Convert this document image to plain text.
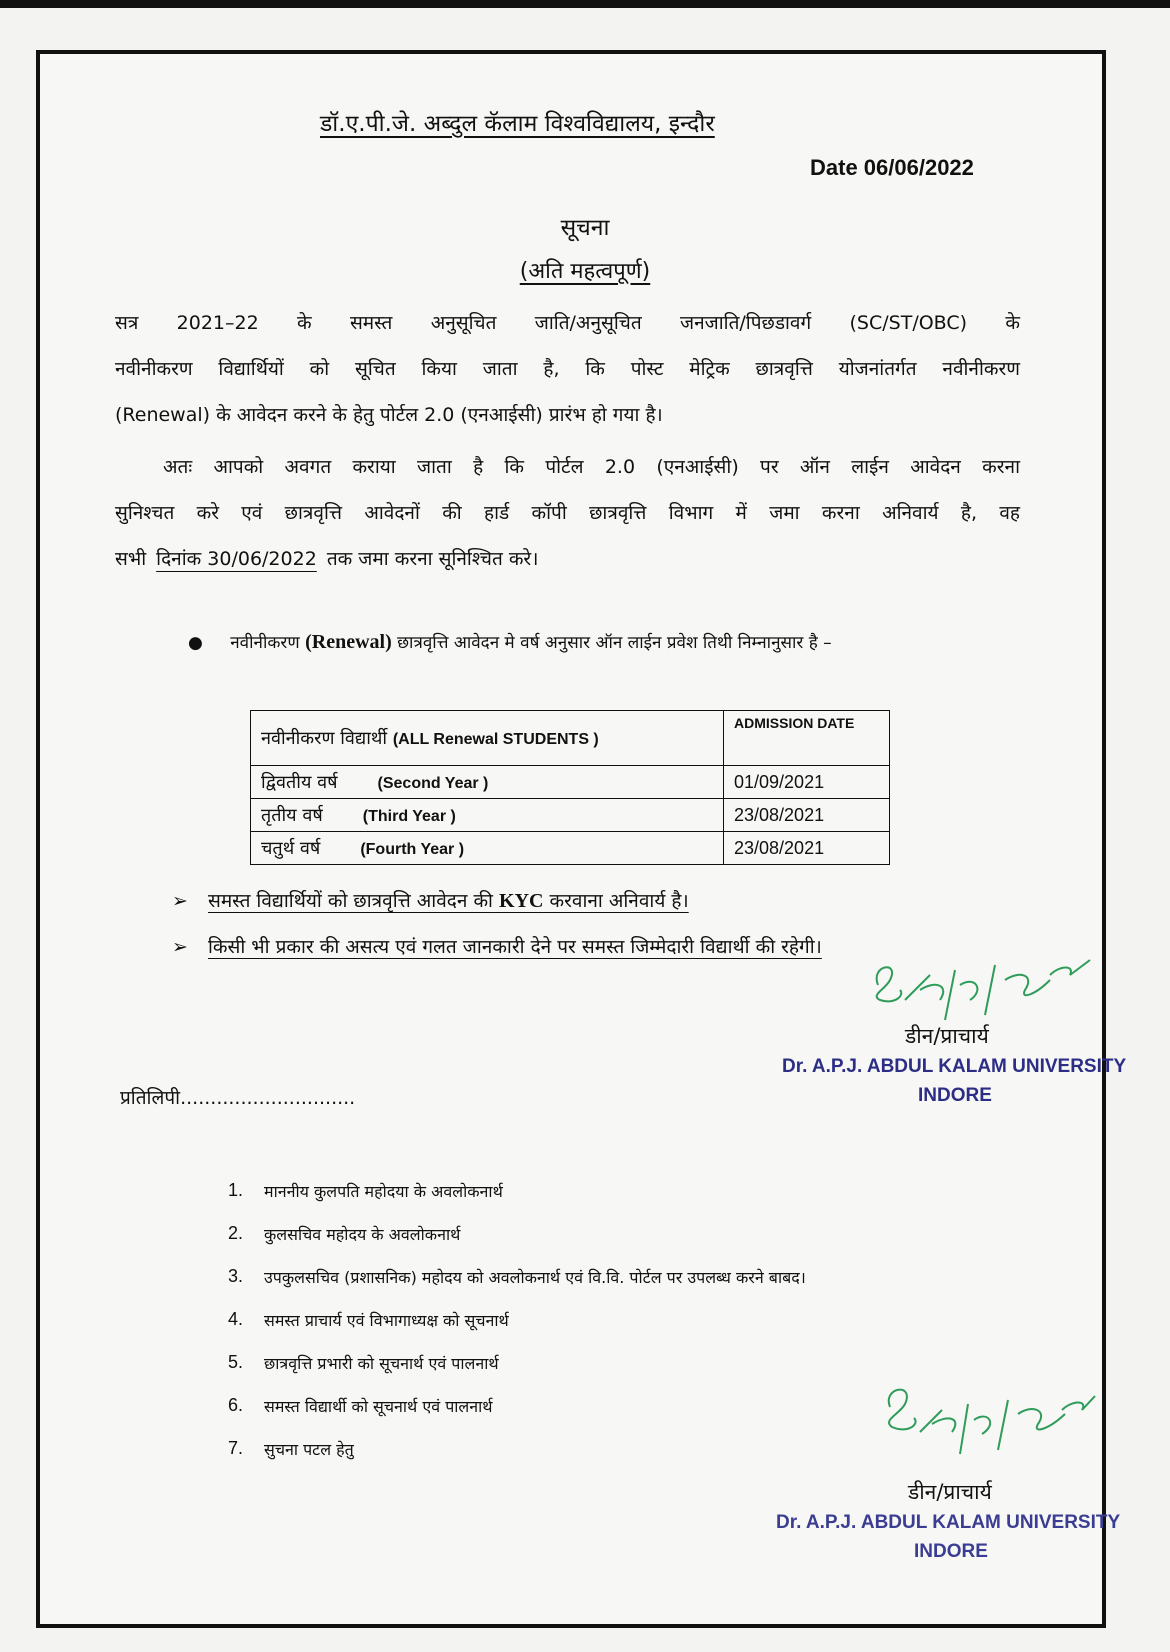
डॉ.ए.पी.जे. अब्दुल कॅलाम विश्वविद्यालय, इन्दौर
Date 06/06/2022
सूचना
(अति महत्वपूर्ण)
सत्र 2021–22 के समस्त अनुसूचित जाति/अनुसूचित जनजाति/पिछडावर्ग (SC/ST/OBC) के
नवीनीकरण विद्यार्थियों को सूचित किया जाता है, कि पोस्ट मेट्रिक छात्रवृत्ति योजनांतर्गत नवीनीकरण
(Renewal) के आवेदन करने के हेतु पोर्टल 2.0 (एनआईसी) प्रारंभ हो गया है।
अतः आपको अवगत कराया जाता है कि पोर्टल 2.0 (एनआईसी) पर ऑन लाईन आवेदन करना
सुनिश्चत करे एवं छात्रवृत्ति आवेदनों की हार्ड कॉपी छात्रवृत्ति विभाग में जमा करना अनिवार्य है, वह
सभी दिनांक 30/06/2022 तक जमा करना सूनिश्चित करे।
● नवीनीकरण (Renewal) छात्रवृत्ति आवेदन मे वर्ष अनुसार ऑन लाईन प्रवेश तिथी निम्नानुसार है –
नवीनीकरण विद्यार्थी (ALL Renewal STUDENTS )	ADMISSION DATE
द्विवतीय वर्ष (Second Year )	01/09/2021
तृतीय वर्ष (Third Year )	23/08/2021
चतुर्थ वर्ष (Fourth Year )	23/08/2021
➢ समस्त विद्यार्थियों को छात्रवृत्ति आवेदन की KYC करवाना अनिवार्य है।
➢ किसी भी प्रकार की असत्य एवं गलत जानकारी देने पर समस्त जिम्मेदारी विद्यार्थी की रहेगी।
डीन/प्राचार्य
Dr. A.P.J. ABDUL KALAM UNIVERSITY
INDORE
प्रतिलिपी.............................
1.	माननीय कुलपति महोदया के अवलोकनार्थ
2.	कुलसचिव महोदय के अवलोकनार्थ
3.	उपकुलसचिव (प्रशासनिक) महोदय को अवलोकनार्थ एवं वि.वि. पोर्टल पर उपलब्ध करने बाबद।
4.	समस्त प्राचार्य एवं विभागाध्यक्ष को सूचनार्थ
5.	छात्रवृत्ति प्रभारी को सूचनार्थ एवं पालनार्थ
6.	समस्त विद्यार्थी को सूचनार्थ एवं पालनार्थ
7.	सुचना पटल हेतु
डीन/प्राचार्य
Dr. A.P.J. ABDUL KALAM UNIVERSITY
INDORE
